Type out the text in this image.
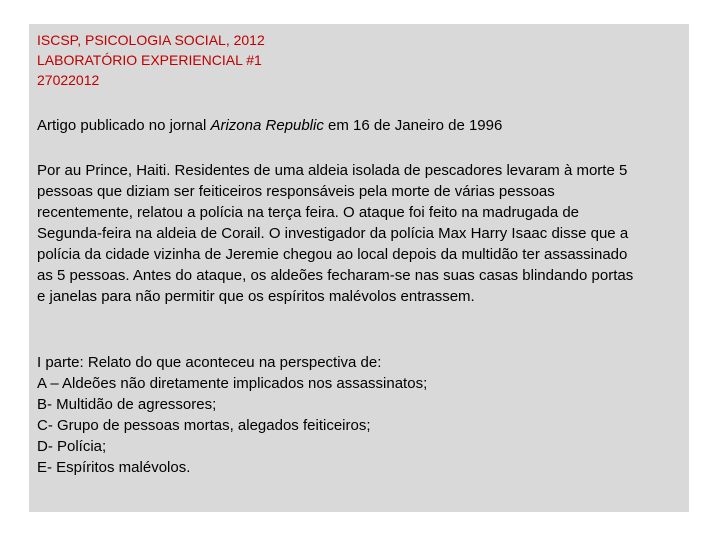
ISCSP, PSICOLOGIA SOCIAL, 2012
LABORATÓRIO EXPERIENCIAL #1
27022012
Artigo publicado no jornal Arizona Republic em 16 de Janeiro de 1996
Por au Prince, Haiti. Residentes de uma aldeia isolada de pescadores levaram à morte 5
pessoas que diziam ser feiticeiros responsáveis pela morte de várias pessoas
recentemente, relatou a polícia na terça feira. O ataque foi feito na madrugada de
Segunda-feira na aldeia de Corail. O investigador da polícia Max Harry Isaac disse que a
polícia da cidade vizinha de Jeremie chegou ao local depois da multidão ter assassinado
as 5 pessoas. Antes do ataque, os aldeões fecharam-se nas suas casas blindando portas
e janelas para não permitir que os espíritos malévolos entrassem.
I parte: Relato do que aconteceu na perspectiva de:
A – Aldeões não diretamente implicados nos assassinatos;
B- Multidão de agressores;
C- Grupo de pessoas mortas, alegados feiticeiros;
D- Polícia;
E- Espíritos malévolos.
